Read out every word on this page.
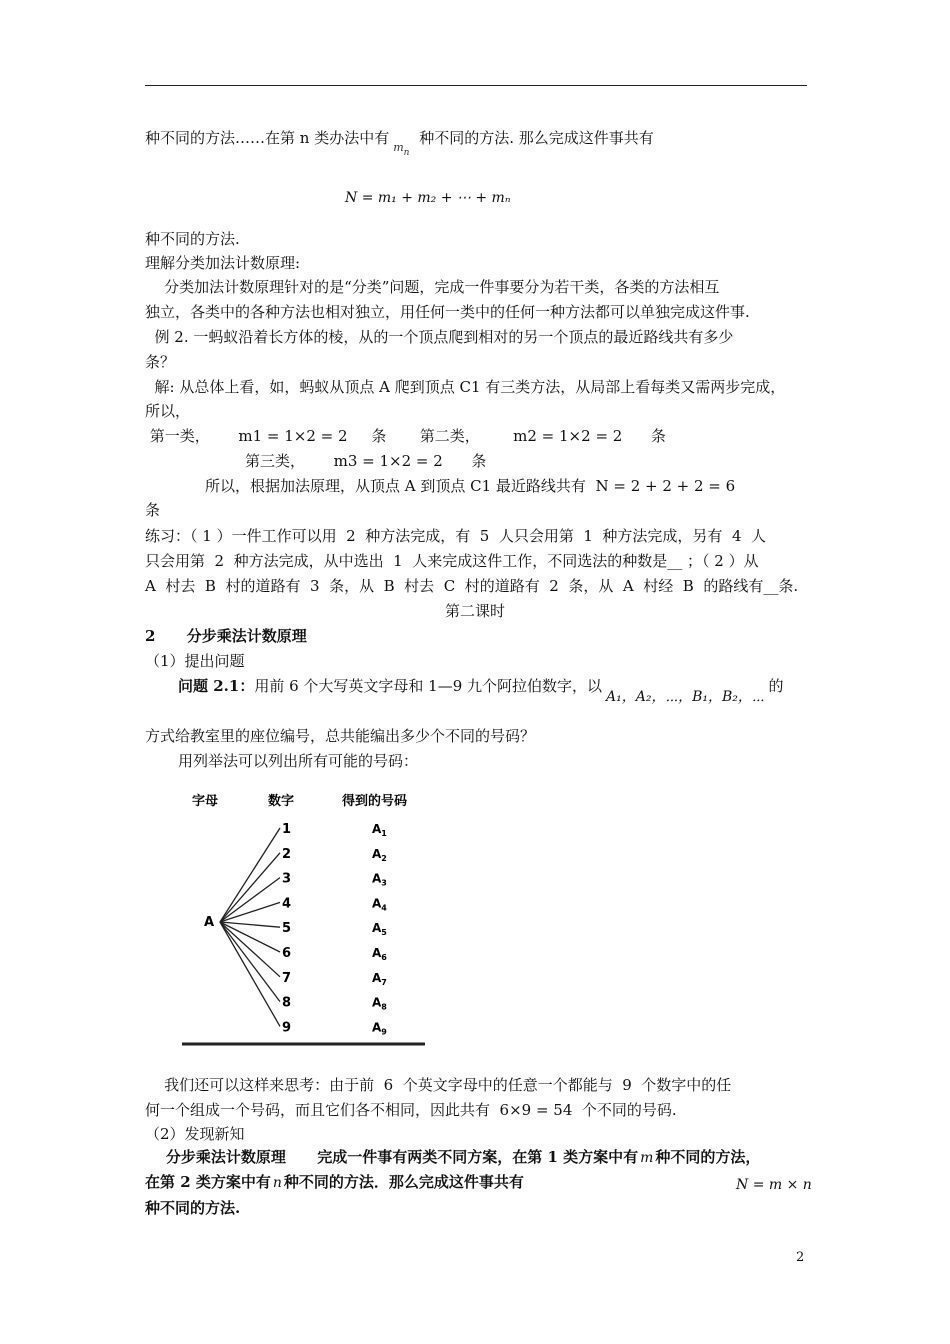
种不同的方法……在第 n 类办法中有$m_n$种不同的方法. 那么完成这件事共有
N = m₁ + m₂ + ⋯ + mₙ
种不同的方法.
理解分类加法计数原理:
分类加法计数原理针对的是“分类”问题，完成一件事要分为若干类，各类的方法相互
独立，各类中的各种方法也相对独立，用任何一类中的任何一种方法都可以单独完成这件事.
例 2. 一蚂蚁沿着长方体的棱，从的一个顶点爬到相对的另一个顶点的最近路线共有多少
条？
解: 从总体上看，如，蚂蚁从顶点 A 爬到顶点 C1 有三类方法，从局部上看每类又需两步完成，
所以，
第一类，      m1 = 1×2 = 2     条       第二类，       m2 = 1×2 = 2      条
第三类，      m3 = 1×2 = 2      条
所以，根据加法原理，从顶点 A 到顶点 C1 最近路线共有  N = 2 + 2 + 2 = 6
条
练习：（ 1 ）一件工作可以用  2  种方法完成，有  5  人只会用第  1  种方法完成，另有  4  人
只会用第  2  种方法完成，从中选出  1  人来完成这件工作，不同选法的种数是__ ；（ 2 ）从
A  村去  B  村的道路有  3  条，从  B  村去  C  村的道路有  2  条，从  A  村经  B  的路线有__条.
第二课时
2      分步乘法计数原理
（1）提出问题
问题 2.1：用前 6 个大写英文字母和 1—9 九个阿拉伯数字，以A₁，A₂，⋯，B₁，B₂，⋯的
方式给教室里的座位编号，总共能编出多少个不同的号码？
用列举法可以列出所有可能的号码：
字母	数字	得到的号码
A
1	$A_1$
2	$A_2$
3	$A_3$
4	$A_4$
5	$A_5$
6	$A_6$
7	$A_7$
8	$A_8$
9	$A_9$
我们还可以这样来思考：由于前  6  个英文字母中的任意一个都能与  9  个数字中的任
何一个组成一个号码，而且它们各不相同，因此共有  6×9 = 54  个不同的号码.
（2）发现新知
分步乘法计数原理      完成一件事有两类不同方案，在第 1 类方案中有 m 种不同的方法，
在第 2 类方案中有 n 种不同的方法．那么完成这件事共有	N = m × n
种不同的方法.
2
